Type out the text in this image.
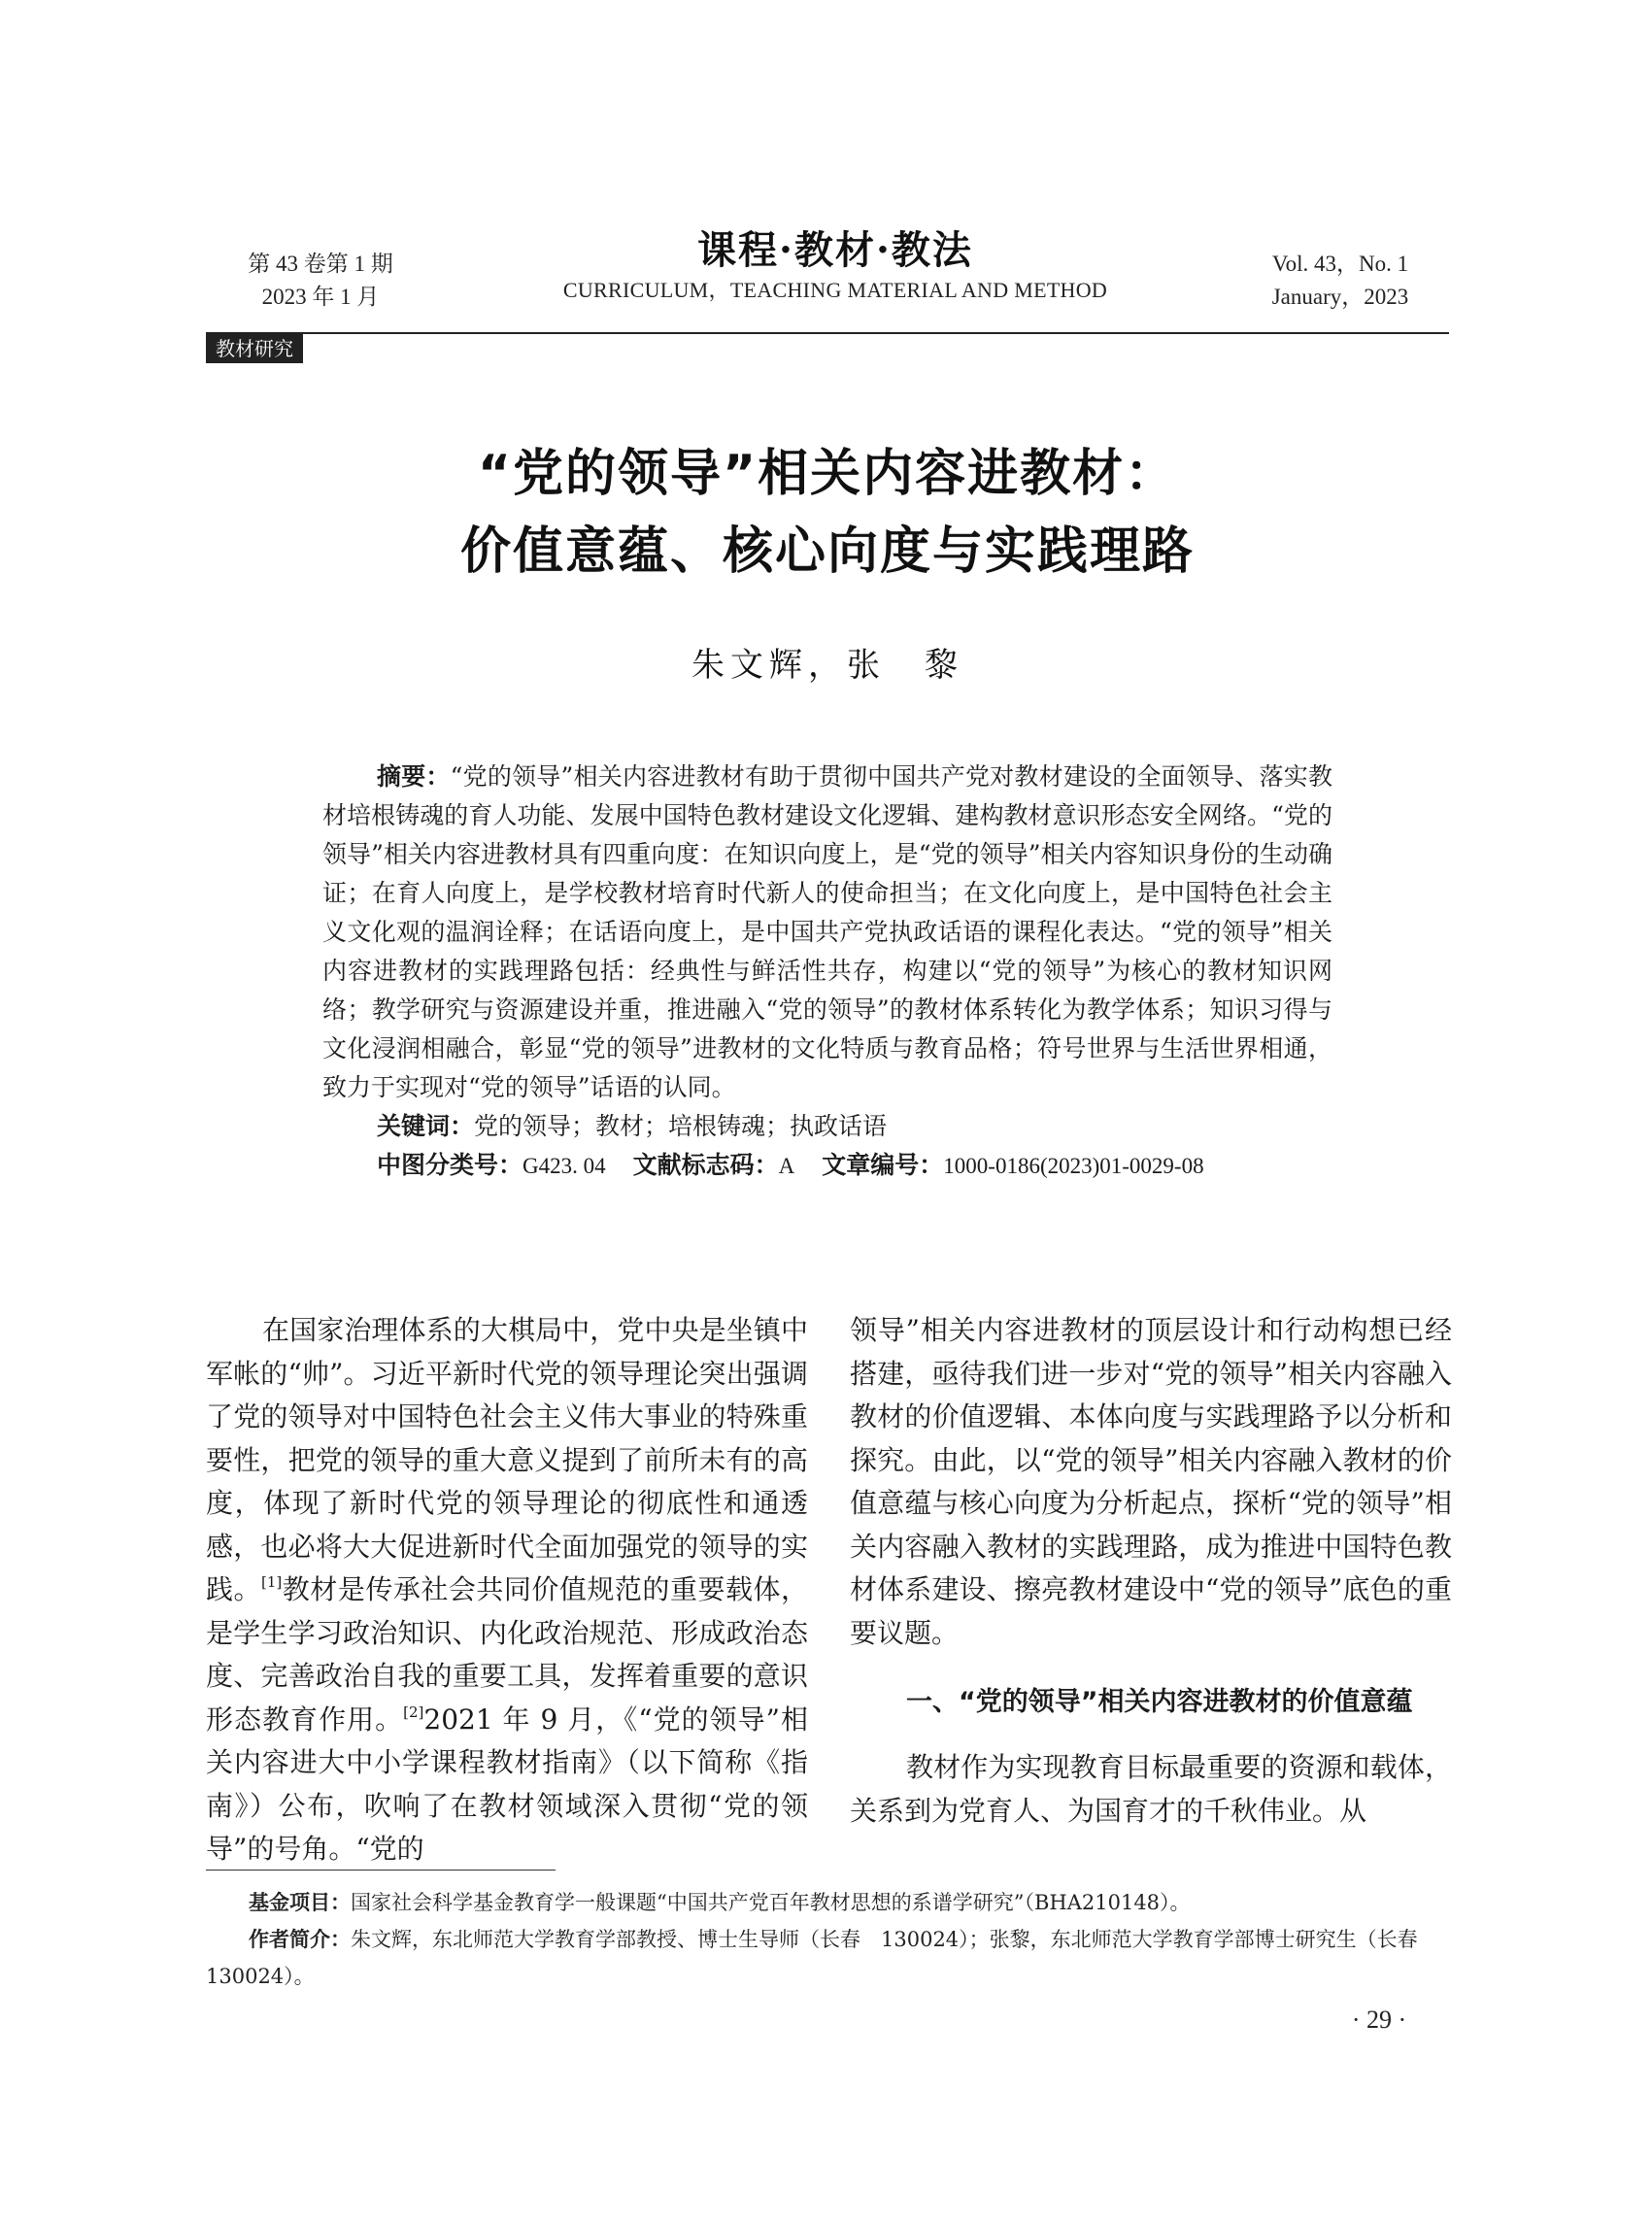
第 43 卷第 1 期
2023 年 1 月
课程·教材·教法
CURRICULUM，TEACHING MATERIAL AND METHOD
Vol. 43，No. 1
January，2023
教材研究
“党的领导”相关内容进教材：
价值意蕴、核心向度与实践理路
朱文辉，张　黎

摘要：“党的领导”相关内容进教材有助于贯彻中国共产党对教材建设的全面领导、落实教材培根铸魂的育人功能、发展中国特色教材建设文化逻辑、建构教材意识形态安全网络。“党的领导”相关内容进教材具有四重向度：在知识向度上，是“党的领导”相关内容知识身份的生动确证；在育人向度上，是学校教材培育时代新人的使命担当；在文化向度上，是中国特色社会主义文化观的温润诠释；在话语向度上，是中国共产党执政话语的课程化表达。“党的领导”相关内容进教材的实践理路包括：经典性与鲜活性共存，构建以“党的领导”为核心的教材知识网络；教学研究与资源建设并重，推进融入“党的领导”的教材体系转化为教学体系；知识习得与文化浸润相融合，彰显“党的领导”进教材的文化特质与教育品格；符号世界与生活世界相通，致力于实现对“党的领导”话语的认同。

关键词：党的领导；教材；培根铸魂；执政话语
中图分类号：G423. 04 文献标志码：A 文章编号：1000-0186(2023)01-0029-08

在国家治理体系的大棋局中，党中央是坐镇中军帐的“帅”。习近平新时代党的领导理论突出强调了党的领导对中国特色社会主义伟大事业的特殊重要性，把党的领导的重大意义提到了前所未有的高度，体现了新时代党的领导理论的彻底性和通透感，也必将大大促进新时代全面加强党的领导的实践。[1]教材是传承社会共同价值规范的重要载体，是学生学习政治知识、内化政治规范、形成政治态度、完善政治自我的重要工具，发挥着重要的意识形态教育作用。[2]2021 年 9 月，《“党的领导”相关内容进大中小学课程教材指南》（以下简称《指南》）公布，吹响了在教材领域深入贯彻“党的领导”的号角。“党的

领导”相关内容进教材的顶层设计和行动构想已经搭建，亟待我们进一步对“党的领导”相关内容融入教材的价值逻辑、本体向度与实践理路予以分析和探究。由此，以“党的领导”相关内容融入教材的价值意蕴与核心向度为分析起点，探析“党的领导”相关内容融入教材的实践理路，成为推进中国特色教材体系建设、擦亮教材建设中“党的领导”底色的重要议题。

一、“党的领导”相关内容进教材的价值意蕴

教材作为实现教育目标最重要的资源和载体，关系到为党育人、为国育才的千秋伟业。从

基金项目：国家社会科学基金教育学一般课题“中国共产党百年教材思想的系谱学研究”（BHA210148）。

作者简介：朱文辉，东北师范大学教育学部教授、博士生导师（长春　130024）；张黎，东北师范大学教育学部博士研究生（长春　130024）。

· 29 ·
